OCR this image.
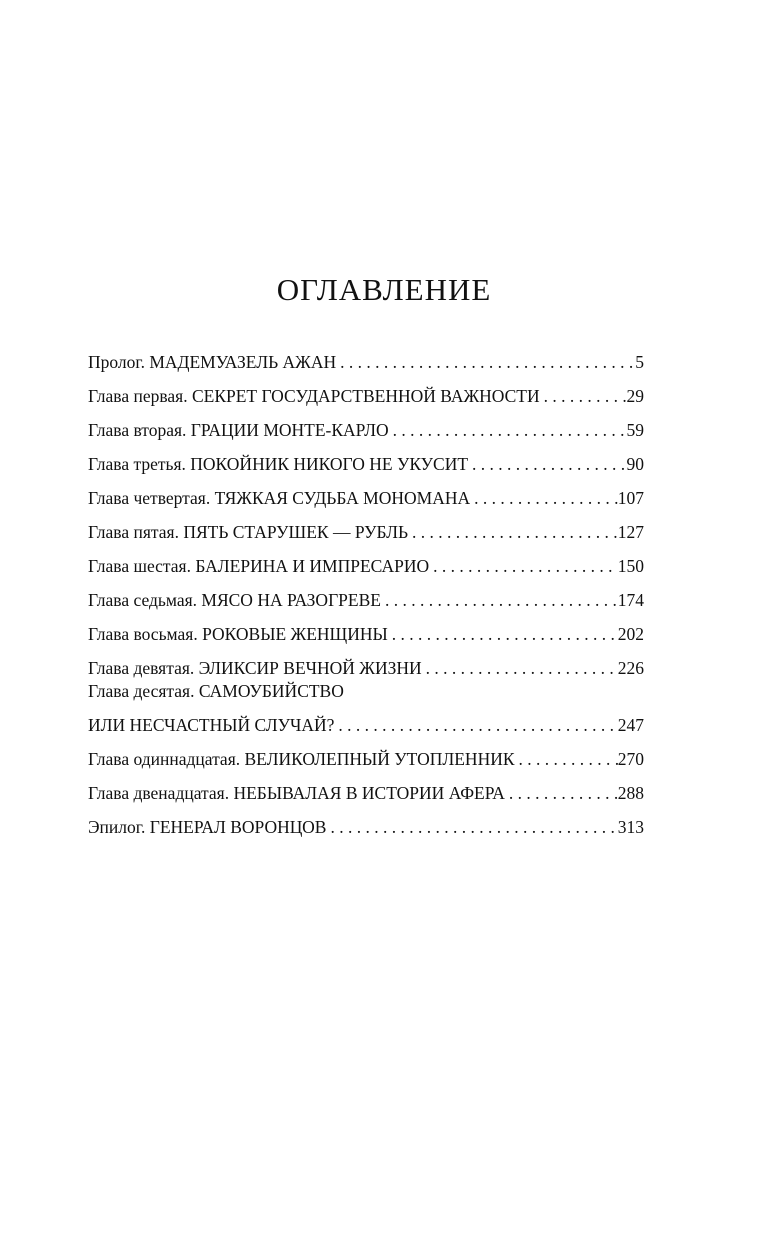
ОГЛАВЛЕНИЕ
Пролог. МАДЕМУАЗЕЛЬ АЖАН . . .	5
Глава первая. СЕКРЕТ ГОСУДАРСТВЕННОЙ ВАЖНОСТИ . . .	29
Глава вторая. ГРАЦИИ МОНТЕ-КАРЛО . . .	59
Глава третья. ПОКОЙНИК НИКОГО НЕ УКУСИТ . . .	90
Глава четвертая. ТЯЖКАЯ СУДЬБА МОНОМАНА . . .	107
Глава пятая. ПЯТЬ СТАРУШЕК — РУБЛЬ . . .	127
Глава шестая. БАЛЕРИНА И ИМПРЕСАРИО . . .	150
Глава седьмая. МЯСО НА РАЗОГРЕВЕ . . .	174
Глава восьмая. РОКОВЫЕ ЖЕНЩИНЫ . . .	202
Глава девятая. ЭЛИКСИР ВЕЧНОЙ ЖИЗНИ . . .	226
Глава десятая. САМОУБИЙСТВО
ИЛИ НЕСЧАСТНЫЙ СЛУЧАЙ? . . .	247
Глава одиннадцатая. ВЕЛИКОЛЕПНЫЙ УТОПЛЕННИК . . .	270
Глава двенадцатая. НЕБЫВАЛАЯ В ИСТОРИИ АФЕРА . . .	288
Эпилог. ГЕНЕРАЛ ВОРОНЦОВ . . .	313
